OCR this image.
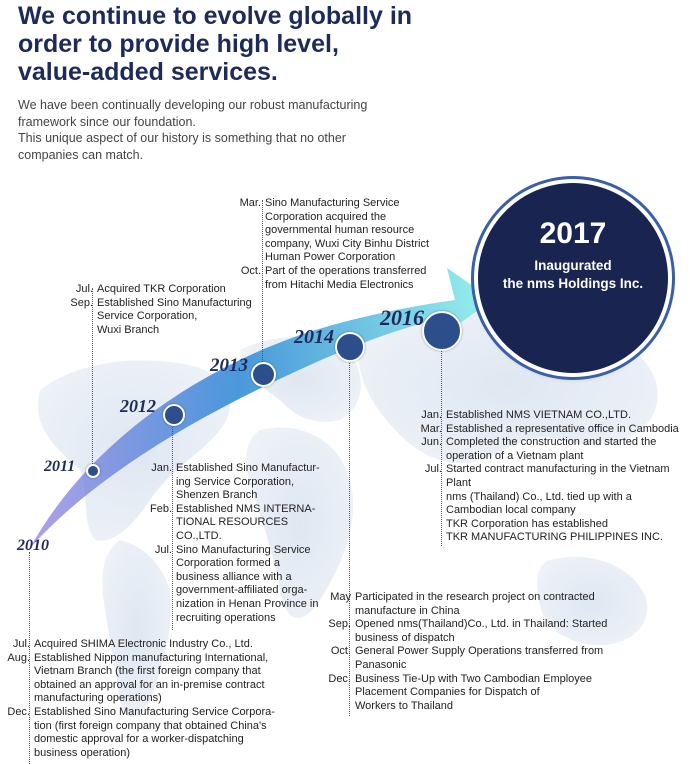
We continue to evolve globally in
order to provide high level,
value-added services.
We have been continually developing our robust manufacturing
framework since our foundation.
This unique aspect of our history is something that no other
companies can match.
2010
2011
2012
2013
2014
2016
2017
Inaugurated
the nms Holdings Inc.
Mar. Sino Manufacturing Service
Corporation acquired the
governmental human resource
company, Wuxi City Binhu District
Human Power Corporation
Oct. Part of the operations transferred
from Hitachi Media Electronics
Jul. Acquired TKR Corporation
Sep. Established Sino Manufacturing
Service Corporation,
Wuxi Branch
Jan. Established NMS VIETNAM CO.,LTD.
Mar. Established a representative office in Cambodia
Jun. Completed the construction and started the
operation of a Vietnam plant
Jul. Started contract manufacturing in the Vietnam
Plant
nms (Thailand) Co., Ltd. tied up with a
Cambodian local company
TKR Corporation has established
TKR MANUFACTURING PHILIPPINES INC.
Jan. Established Sino Manufactur-
ing Service Corporation,
Shenzen Branch
Feb. Established NMS INTERNA-
TIONAL RESOURCES
CO.,LTD.
Jul. Sino Manufacturing Service
Corporation formed a
business alliance with a
government-affiliated orga-
nization in Henan Province in
recruiting operations
May Participated in the research project on contracted
manufacture in China
Sep. Opened nms(Thailand)Co., Ltd. in Thailand: Started
business of dispatch
Oct. General Power Supply Operations transferred from
Panasonic
Dec. Business Tie-Up with Two Cambodian Employee
Placement Companies for Dispatch of
Workers to Thailand
Jul. Acquired SHIMA Electronic Industry Co., Ltd.
Aug. Established Nippon manufacturing International,
Vietnam Branch (the first foreign company that
obtained an approval for an in-premise contract
manufacturing operations)
Dec. Established Sino Manufacturing Service Corpora-
tion (first foreign company that obtained China's
domestic approval for a worker-dispatching
business operation)
